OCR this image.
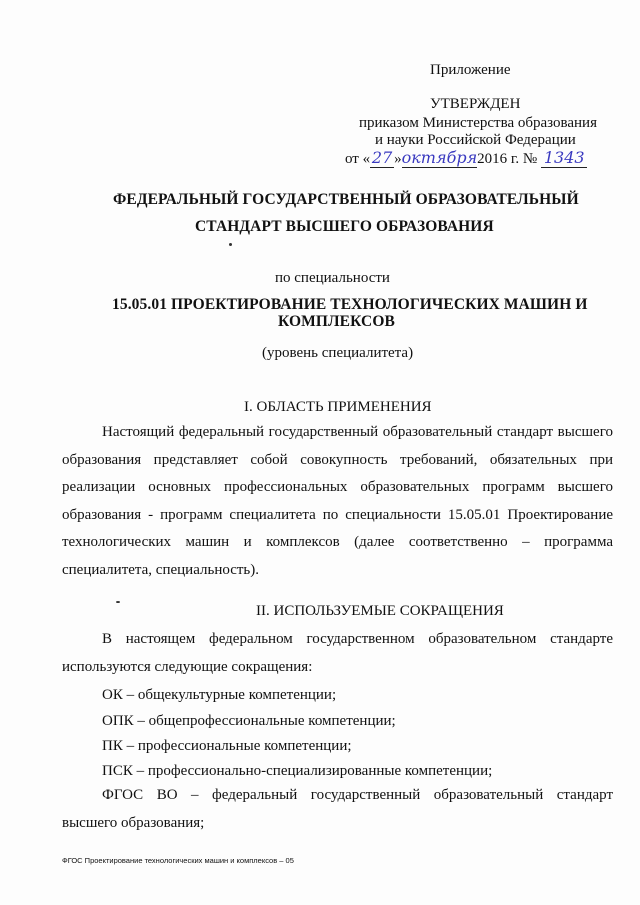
Приложение
УТВЕРЖДЕН
приказом Министерства образования
и науки Российской Федерации
от « 27 »октября2016 г. № 1343
ФЕДЕРАЛЬНЫЙ ГОСУДАРСТВЕННЫЙ ОБРАЗОВАТЕЛЬНЫЙ
СТАНДАРТ ВЫСШЕГО ОБРАЗОВАНИЯ
по специальности
15.05.01 ПРОЕКТИРОВАНИЕ ТЕХНОЛОГИЧЕСКИХ МАШИН И
КОМПЛЕКСОВ
(уровень специалитета)
I. ОБЛАСТЬ ПРИМЕНЕНИЯ
Настоящий федеральный государственный образовательный стандарт высшего образования представляет собой совокупность требований, обязательных при реализации основных профессиональных образовательных программ высшего образования - программ специалитета по специальности 15.05.01 Проектирование технологических машин и комплексов (далее соответственно – программа специалитета, специальность).
II. ИСПОЛЬЗУЕМЫЕ СОКРАЩЕНИЯ
В настоящем федеральном государственном образовательном стандарте используются следующие сокращения:
ОК – общекультурные компетенции;
ОПК – общепрофессиональные компетенции;
ПК – профессиональные компетенции;
ПСК – профессионально-специализированные компетенции;
ФГОС ВО – федеральный государственный образовательный стандарт высшего образования;
ФГОС Проектирование технологических машин и комплексов – 05
